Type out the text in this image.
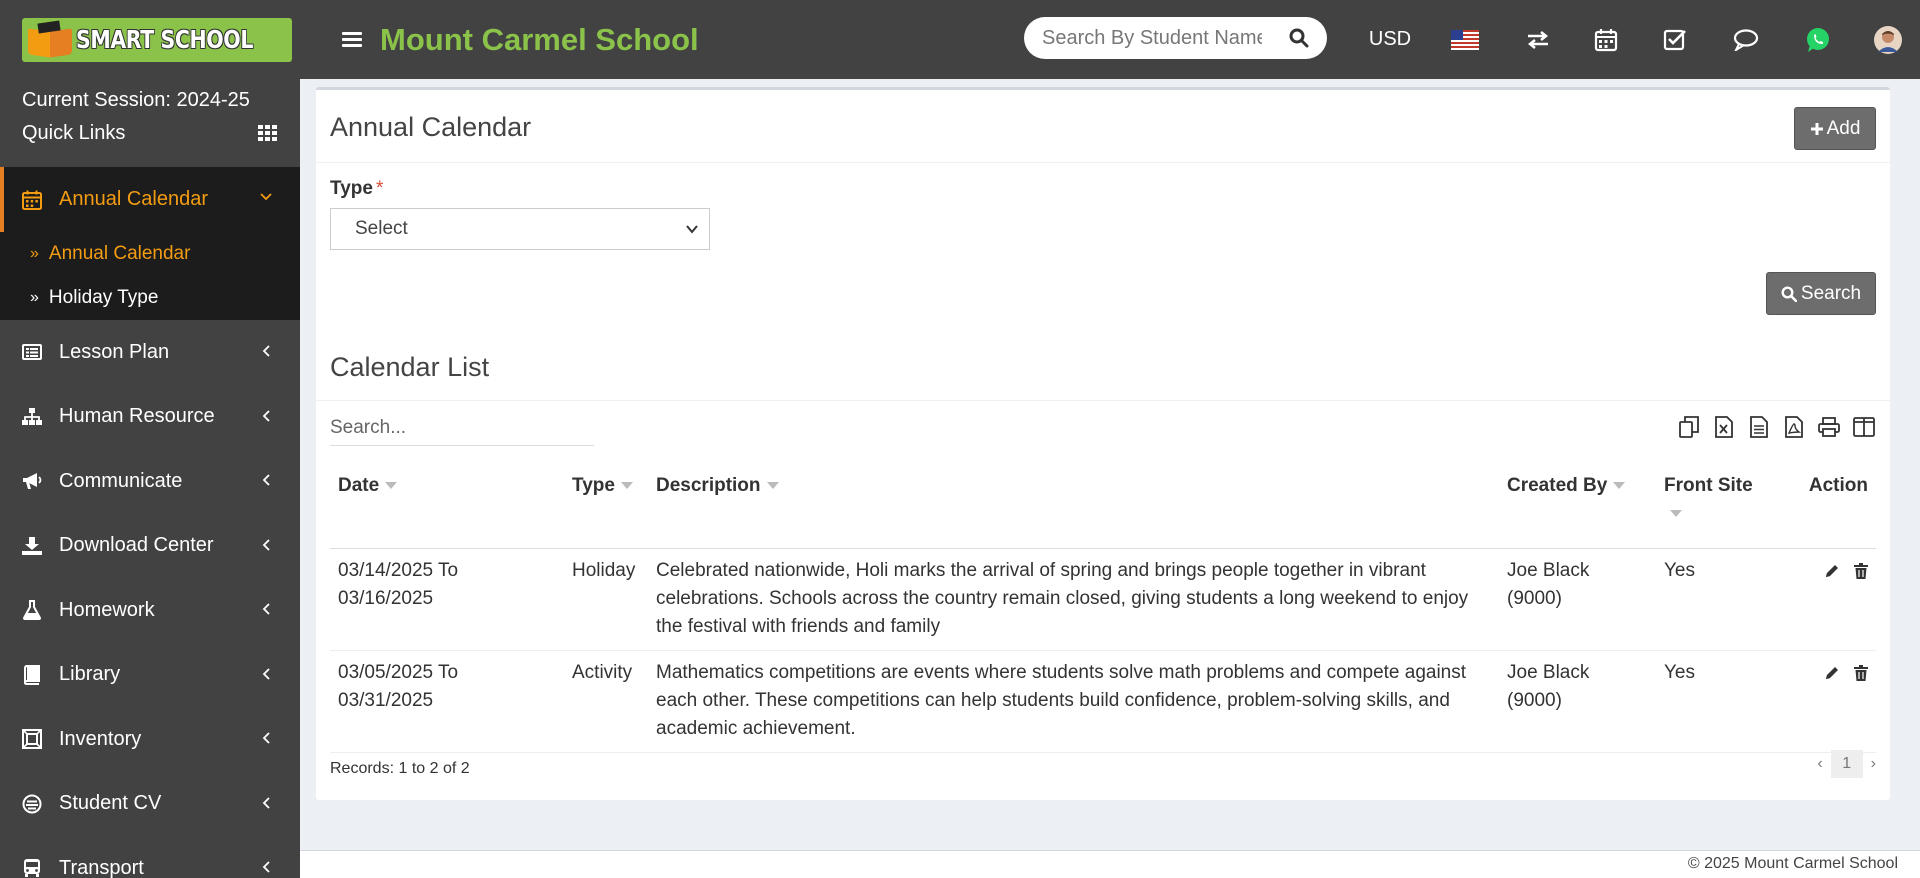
SMART SCHOOL	Mount Carmel School
Search By Student Name	USD
Current Session: 2024-25
Quick Links
Annual Calendar
» Annual Calendar
» Holiday Type
Lesson Plan
Human Resource
Communicate
Download Center
Homework
Library
Inventory
Student CV
Transport
Annual Calendar	Add
Type *
Select
Search
Calendar List
Search...
Date	Type	Description	Created By	Front Site	Action
03/14/2025 To 03/16/2025	Holiday	Celebrated nationwide, Holi marks the arrival of spring and brings people together in vibrant celebrations. Schools across the country remain closed, giving students a long weekend to enjoy the festival with friends and family	Joe Black (9000)	Yes	

03/05/2025 To 03/31/2025	Activity	Mathematics competitions are events where students solve math problems and compete against each other. These competitions can help students build confidence, problem-solving skills, and academic achievement.	Joe Black (9000)	Yes	
Records: 1 to 2 of 2	‹	1	›
© 2025 Mount Carmel School
